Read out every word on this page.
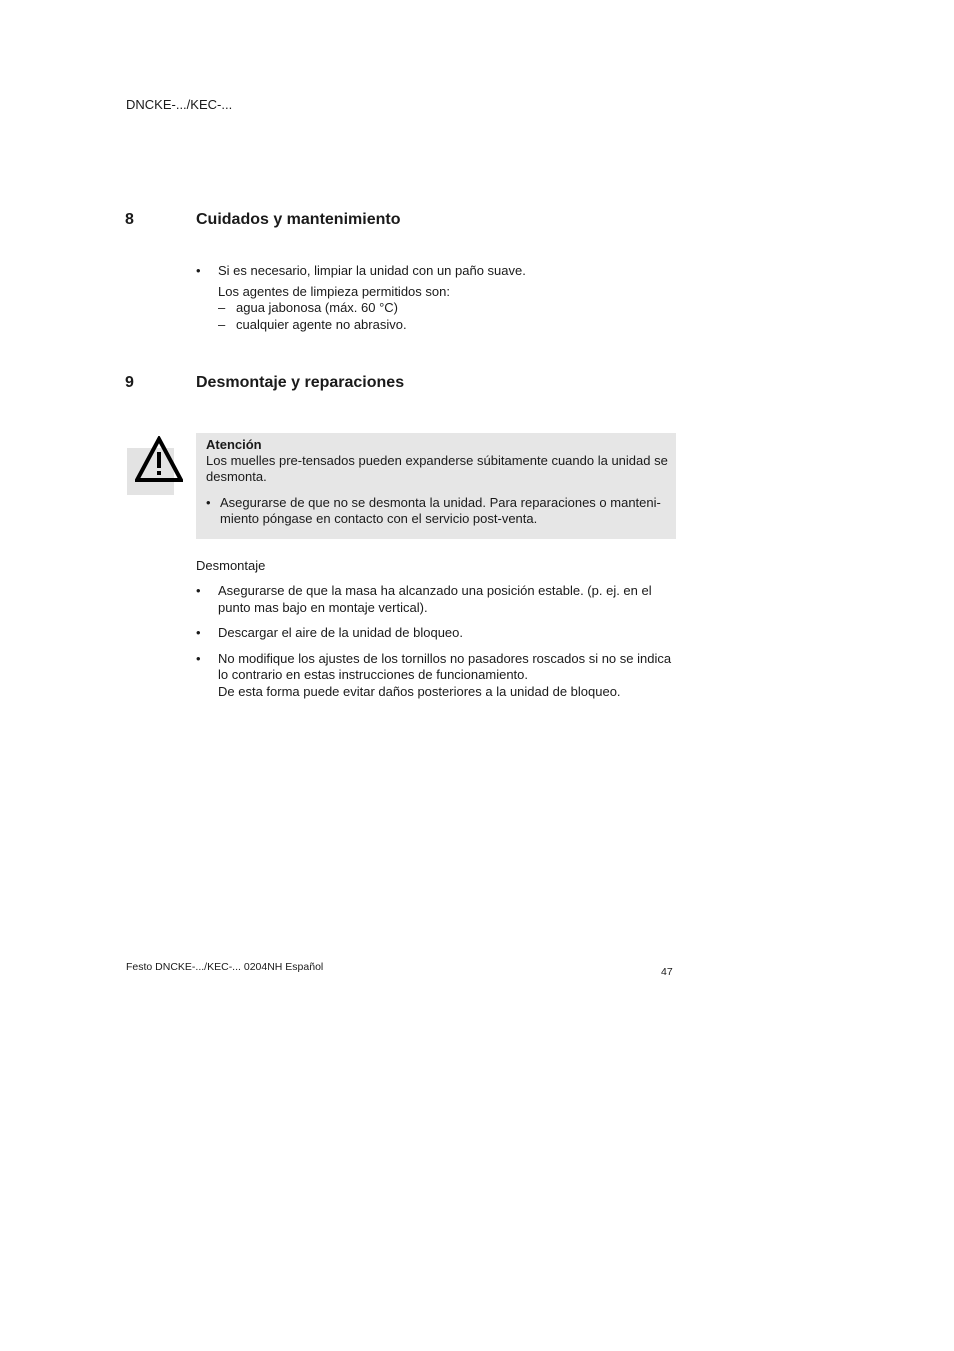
DNCKE-.../KEC-...
8	Cuidados y mantenimiento
• Si es necesario, limpiar la unidad con un paño suave.
Los agentes de limpieza permitidos son:
– agua jabonosa (máx. 60 °C)
– cualquier agente no abrasivo.
9	Desmontaje y reparaciones
Atención
Los muelles pre-tensados pueden expanderse súbitamente cuando la unidad se
desmonta.
• Asegurarse de que no se desmonta la unidad. Para reparaciones o manteni-
miento póngase en contacto con el servicio post-venta.
Desmontaje
• Asegurarse de que la masa ha alcanzado una posición estable. (p. ej. en el
punto mas bajo en montaje vertical).
• Descargar el aire de la unidad de bloqueo.
• No modifique los ajustes de los tornillos no pasadores roscados si no se indica
lo contrario en estas instrucciones de funcionamiento.
De esta forma puede evitar daños posteriores a la unidad de bloqueo.
Festo DNCKE-.../KEC-... 0204NH Español	47
